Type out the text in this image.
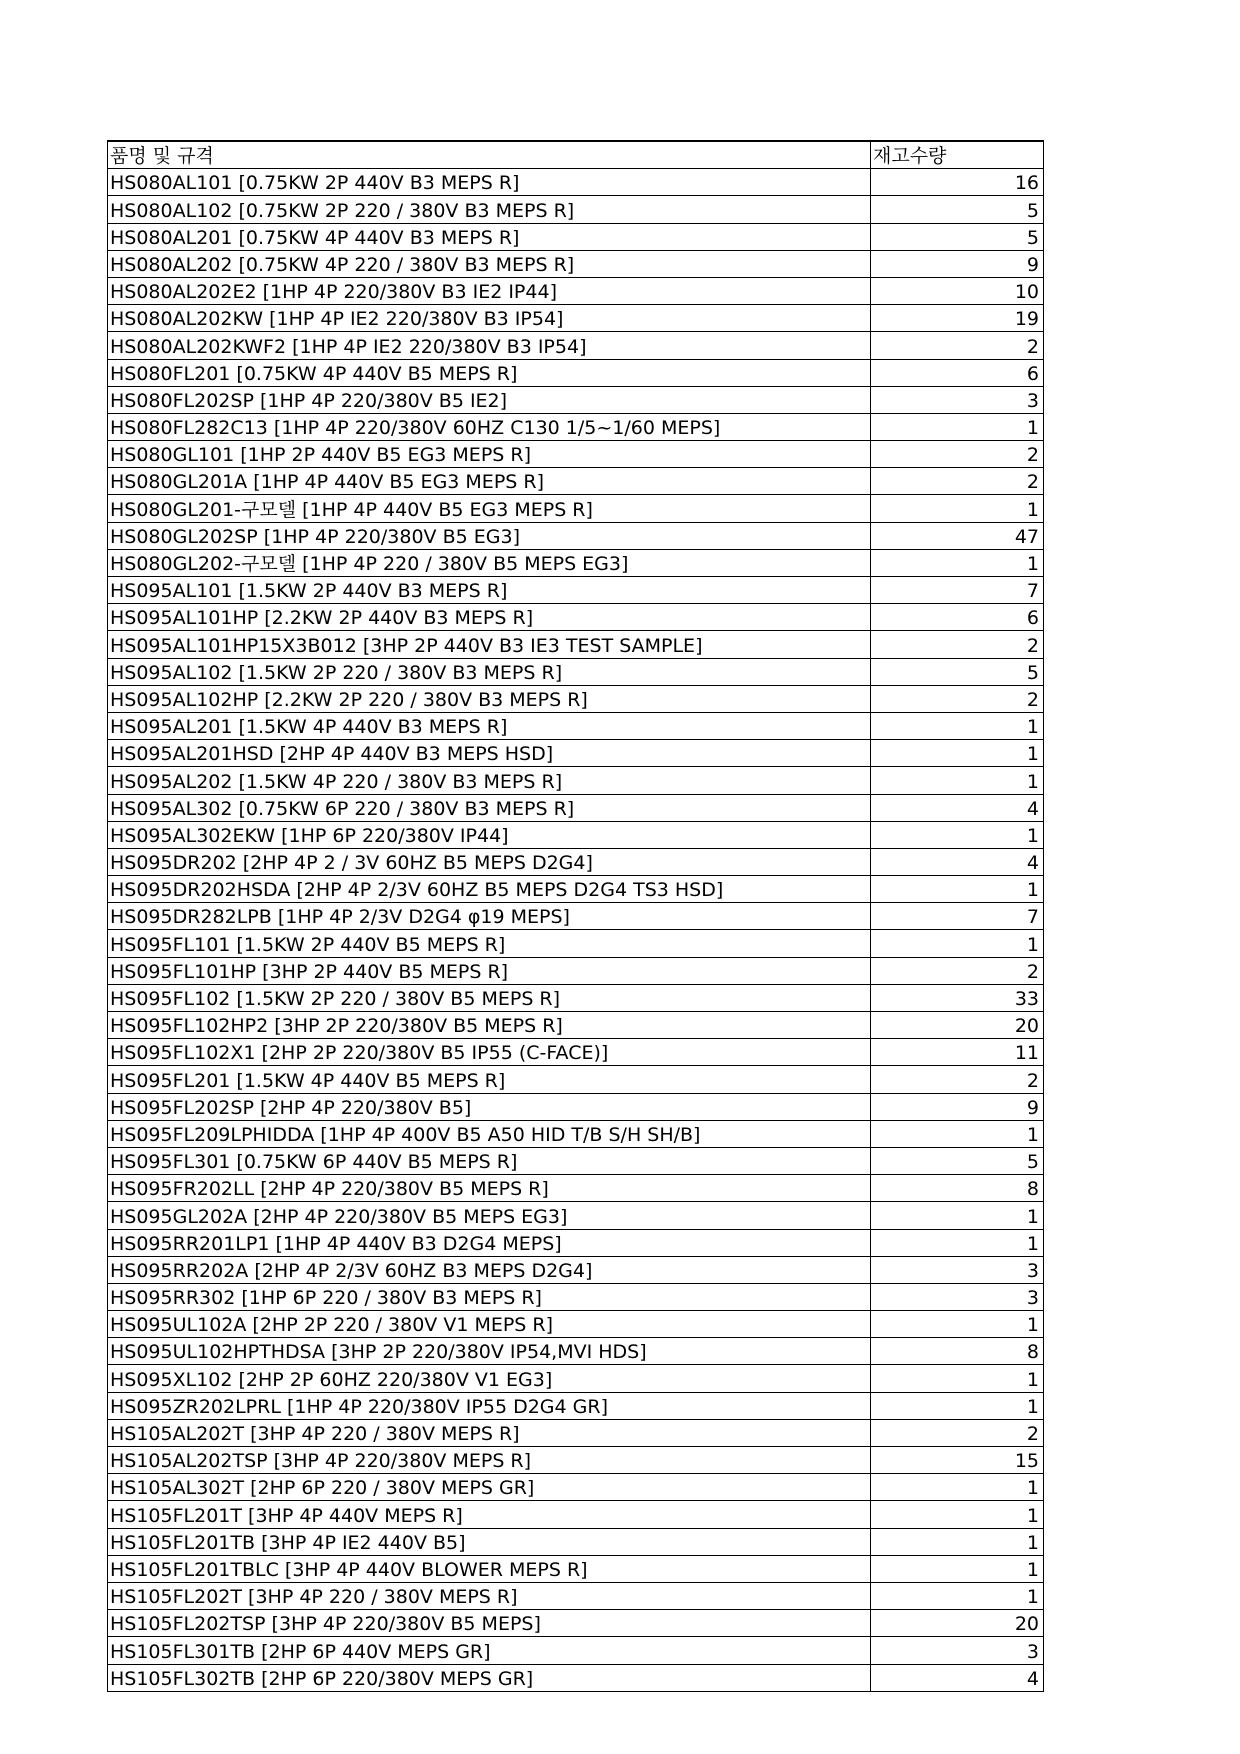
품명 및 규격	재고수량
HS080AL101 [0.75KW 2P 440V B3 MEPS R]	16
HS080AL102 [0.75KW 2P 220 / 380V B3 MEPS R]	5
HS080AL201 [0.75KW 4P 440V B3 MEPS R]	5
HS080AL202 [0.75KW 4P 220 / 380V B3 MEPS R]	9
HS080AL202E2 [1HP 4P 220/380V B3 IE2 IP44]	10
HS080AL202KW [1HP 4P IE2 220/380V B3 IP54]	19
HS080AL202KWF2 [1HP 4P IE2 220/380V B3 IP54]	2
HS080FL201 [0.75KW 4P 440V B5 MEPS R]	6
HS080FL202SP [1HP 4P 220/380V B5 IE2]	3
HS080FL282C13 [1HP 4P 220/380V 60HZ C130 1/5~1/60 MEPS]	1
HS080GL101 [1HP 2P 440V B5 EG3 MEPS R]	2
HS080GL201A [1HP 4P 440V B5 EG3 MEPS R]	2
HS080GL201-구모델 [1HP 4P 440V B5 EG3 MEPS R]	1
HS080GL202SP [1HP 4P 220/380V B5 EG3]	47
HS080GL202-구모델 [1HP 4P 220 / 380V B5 MEPS EG3]	1
HS095AL101 [1.5KW 2P 440V B3 MEPS R]	7
HS095AL101HP [2.2KW 2P 440V B3 MEPS R]	6
HS095AL101HP15X3B012 [3HP 2P 440V B3 IE3 TEST SAMPLE]	2
HS095AL102 [1.5KW 2P 220 / 380V B3 MEPS R]	5
HS095AL102HP [2.2KW 2P 220 / 380V B3 MEPS R]	2
HS095AL201 [1.5KW 4P 440V B3 MEPS R]	1
HS095AL201HSD [2HP 4P 440V B3 MEPS HSD]	1
HS095AL202 [1.5KW 4P 220 / 380V B3 MEPS R]	1
HS095AL302 [0.75KW 6P 220 / 380V B3 MEPS R]	4
HS095AL302EKW [1HP 6P 220/380V IP44]	1
HS095DR202 [2HP 4P 2 / 3V 60HZ B5 MEPS D2G4]	4
HS095DR202HSDA [2HP 4P 2/3V 60HZ B5 MEPS D2G4 TS3 HSD]	1
HS095DR282LPB [1HP 4P 2/3V D2G4 φ19 MEPS]	7
HS095FL101 [1.5KW 2P 440V B5 MEPS R]	1
HS095FL101HP [3HP 2P 440V B5 MEPS R]	2
HS095FL102 [1.5KW 2P 220 / 380V B5 MEPS R]	33
HS095FL102HP2 [3HP 2P 220/380V B5 MEPS R]	20
HS095FL102X1 [2HP 2P 220/380V B5 IP55 (C-FACE)]	11
HS095FL201 [1.5KW 4P 440V B5 MEPS R]	2
HS095FL202SP [2HP 4P 220/380V B5]	9
HS095FL209LPHIDDA [1HP 4P 400V B5 A50 HID T/B S/H SH/B]	1
HS095FL301 [0.75KW 6P 440V B5 MEPS R]	5
HS095FR202LL [2HP 4P 220/380V B5 MEPS R]	8
HS095GL202A [2HP 4P 220/380V B5 MEPS EG3]	1
HS095RR201LP1 [1HP 4P 440V B3 D2G4 MEPS]	1
HS095RR202A [2HP 4P 2/3V 60HZ B3 MEPS D2G4]	3
HS095RR302 [1HP 6P 220 / 380V B3 MEPS R]	3
HS095UL102A [2HP 2P 220 / 380V V1 MEPS R]	1
HS095UL102HPTHDSA [3HP 2P 220/380V IP54,MVI HDS]	8
HS095XL102 [2HP 2P 60HZ 220/380V V1 EG3]	1
HS095ZR202LPRL [1HP 4P 220/380V IP55 D2G4 GR]	1
HS105AL202T [3HP 4P 220 / 380V MEPS R]	2
HS105AL202TSP [3HP 4P 220/380V MEPS R]	15
HS105AL302T [2HP 6P 220 / 380V MEPS GR]	1
HS105FL201T [3HP 4P 440V MEPS R]	1
HS105FL201TB [3HP 4P IE2 440V B5]	1
HS105FL201TBLC [3HP 4P 440V BLOWER MEPS R]	1
HS105FL202T [3HP 4P 220 / 380V MEPS R]	1
HS105FL202TSP [3HP 4P 220/380V B5 MEPS]	20
HS105FL301TB [2HP 6P 440V MEPS GR]	3
HS105FL302TB [2HP 6P 220/380V MEPS GR]	4
